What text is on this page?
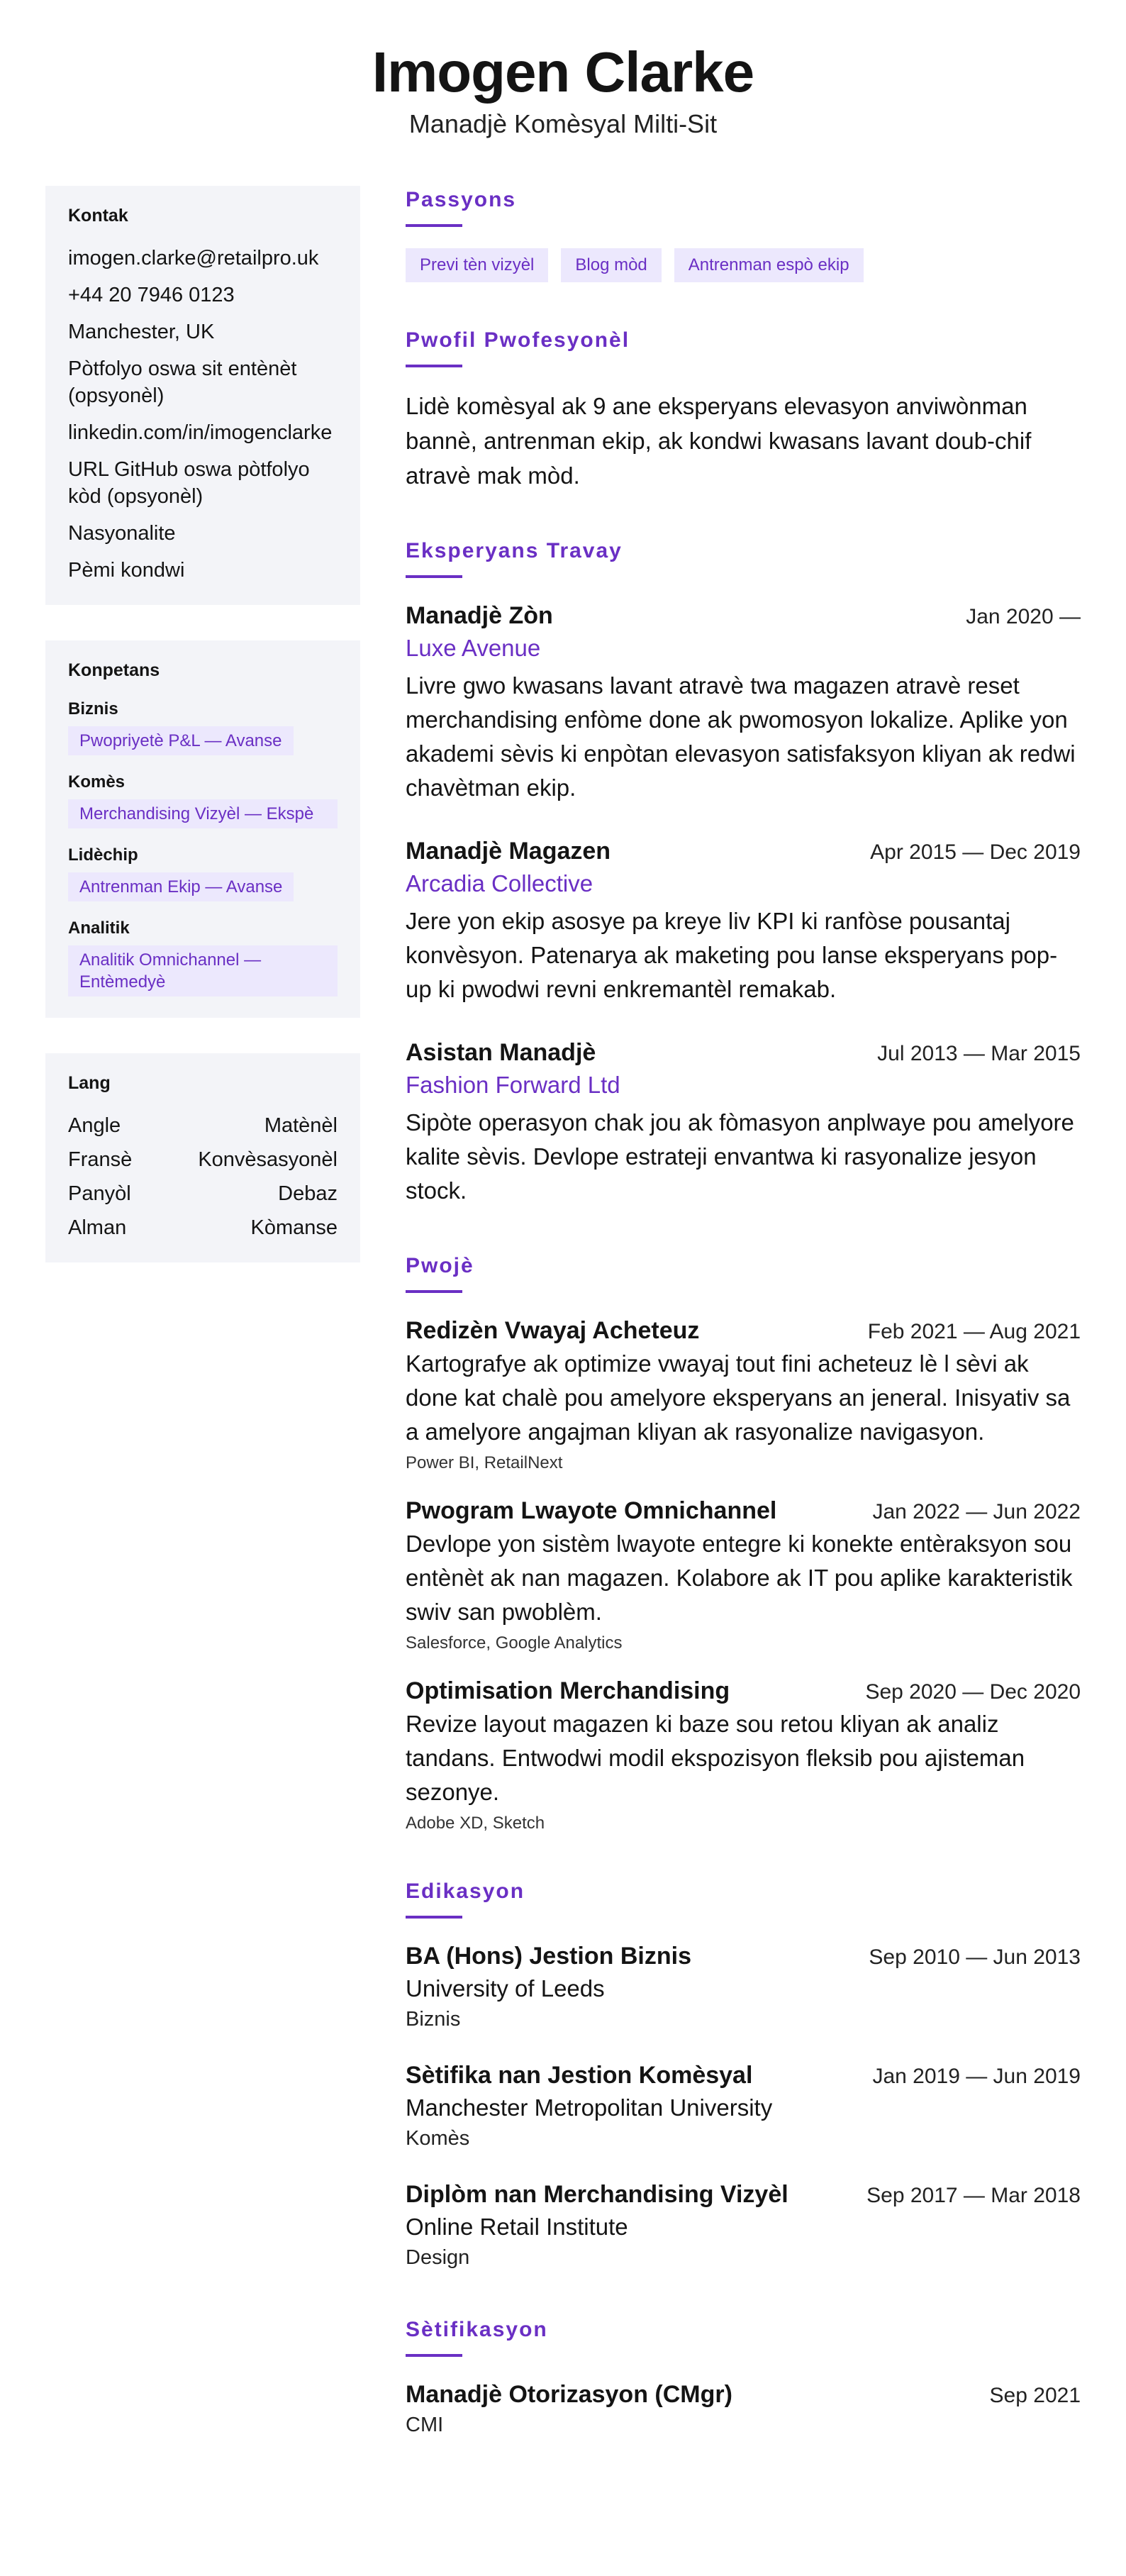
Imogen Clarke
Manadjè Komèsyal Milti-Sit
Kontak
imogen.clarke@retailpro.uk
+44 20 7946 0123
Manchester, UK
Pòtfolyo oswa sit entènèt (opsyonèl)
linkedin.com/in/imogenclarke
URL GitHub oswa pòtfolyo kòd (opsyonèl)
Nasyonalite
Pèmi kondwi
Konpetans
Biznis
Pwopriyetè P&L — Avanse
Komès
Merchandising Vizyèl — Ekspè
Lidèchip
Antrenman Ekip — Avanse
Analitik
Analitik Omnichannel — Entèmedyè
Lang
Angle	Matènèl
Fransè	Konvèsasyonèl
Panyòl	Debaz
Alman	Kòmanse
Passyons
Previ tèn vizyèl	Blog mòd	Antrenman espò ekip
Pwofil Pwofesyonèl
Lidè komèsyal ak 9 ane eksperyans elevasyon anviwònman bannè, antrenman ekip, ak kondwi kwasans lavant doub-chif atravè mak mòd.
Eksperyans Travay
Manadjè Zòn	Jan 2020 —
Luxe Avenue
Livre gwo kwasans lavant atravè twa magazen atravè reset merchandising enfòme done ak pwomosyon lokalize. Aplike yon akademi sèvis ki enpòtan elevasyon satisfaksyon kliyan ak redwi chavètman ekip.
Manadjè Magazen	Apr 2015 — Dec 2019
Arcadia Collective
Jere yon ekip asosye pa kreye liv KPI ki ranfòse pousantaj konvèsyon. Patenarya ak maketing pou lanse eksperyans pop-up ki pwodwi revni enkremantèl remakab.
Asistan Manadjè	Jul 2013 — Mar 2015
Fashion Forward Ltd
Sipòte operasyon chak jou ak fòmasyon anplwaye pou amelyore kalite sèvis. Devlope estrateji envantwa ki rasyonalize jesyon stock.
Pwojè
Redizèn Vwayaj Acheteuz	Feb 2021 — Aug 2021
Kartografye ak optimize vwayaj tout fini acheteuz lè l sèvi ak done kat chalè pou amelyore eksperyans an jeneral. Inisyativ sa a amelyore angajman kliyan ak rasyonalize navigasyon.
Power BI, RetailNext
Pwogram Lwayote Omnichannel	Jan 2022 — Jun 2022
Devlope yon sistèm lwayote entegre ki konekte entèraksyon sou entènèt ak nan magazen. Kolabore ak IT pou aplike karakteristik swiv san pwoblèm.
Salesforce, Google Analytics
Optimisation Merchandising	Sep 2020 — Dec 2020
Revize layout magazen ki baze sou retou kliyan ak analiz tandans. Entwodwi modil ekspozisyon fleksib pou ajisteman sezonye.
Adobe XD, Sketch
Edikasyon
BA (Hons) Jestion Biznis	Sep 2010 — Jun 2013
University of Leeds
Biznis
Sètifika nan Jestion Komèsyal	Jan 2019 — Jun 2019
Manchester Metropolitan University
Komès
Diplòm nan Merchandising Vizyèl	Sep 2017 — Mar 2018
Online Retail Institute
Design
Sètifikasyon
Manadjè Otorizasyon (CMgr)	Sep 2021
CMI
